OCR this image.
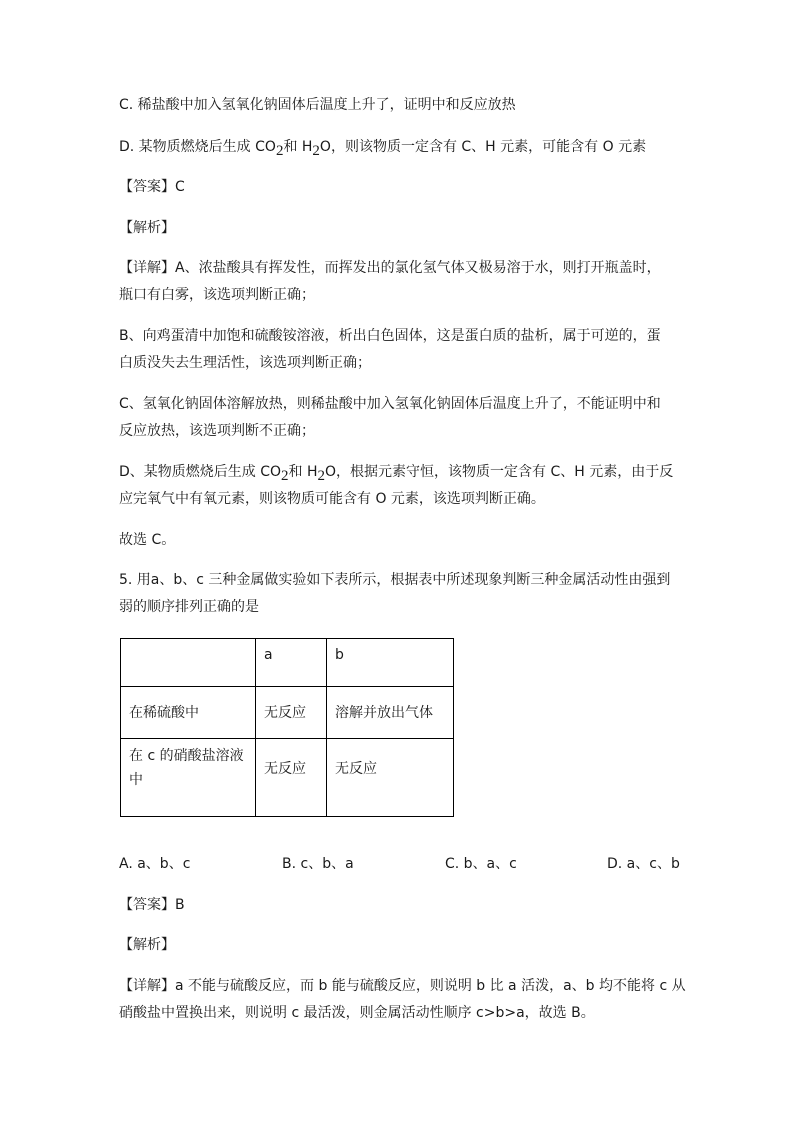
C. 稀盐酸中加入氢氧化钠固体后温度上升了，证明中和反应放热
D. 某物质燃烧后生成 $CO_2$和 $H_2O$，则该物质一定含有 C、H 元素，可能含有 O 元素
【答案】C
【解析】
【详解】A、浓盐酸具有挥发性，而挥发出的氯化氢气体又极易溶于水，则打开瓶盖时，
瓶口有白雾，该选项判断正确；
B、向鸡蛋清中加饱和硫酸铵溶液，析出白色固体，这是蛋白质的盐析，属于可逆的，蛋
白质没失去生理活性，该选项判断正确；
C、氢氧化钠固体溶解放热，则稀盐酸中加入氢氧化钠固体后温度上升了，不能证明中和
反应放热，该选项判断不正确；
D、某物质燃烧后生成 $CO_2$和 $H_2O$，根据元素守恒，该物质一定含有 C、H 元素，由于反
应完氧气中有氧元素，则该物质可能含有 O 元素，该选项判断正确。
故选 C。
5. 用a、b、c 三种金属做实验如下表所示，根据表中所述现象判断三种金属活动性由强到
弱的顺序排列正确的是
	a	b
在稀硫酸中	无反应	溶解并放出气体
在 c 的硝酸盐溶液中	无反应	无反应
A. a、b、c	B. c、b、a	C. b、a、c	D. a、c、b
【答案】B
【解析】
【详解】a 不能与硫酸反应，而 b 能与硫酸反应，则说明 b 比 a 活泼，a、b 均不能将 c 从
硝酸盐中置换出来，则说明 c 最活泼，则金属活动性顺序 c>b>a，故选 B。
